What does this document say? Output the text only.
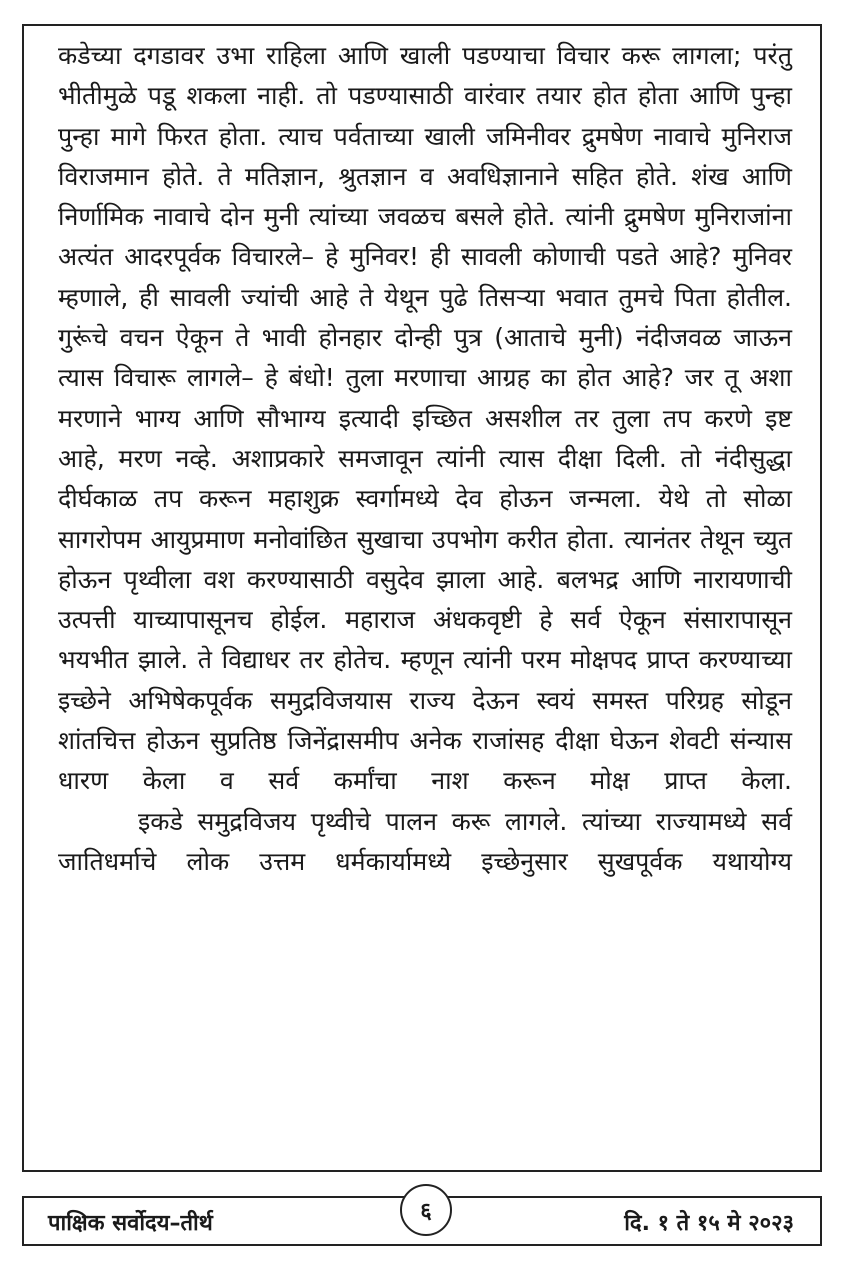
कडेच्या दगडावर उभा राहिला आणि खाली पडण्याचा विचार करू लागला; परंतु भीतीमुळे पडू शकला नाही. तो पडण्यासाठी वारंवार तयार होत होता आणि पुन्हा पुन्हा मागे फिरत होता. त्याच पर्वताच्या खाली जमिनीवर द्रुमषेण नावाचे मुनिराज विराजमान होते. ते मतिज्ञान, श्रुतज्ञान व अवधिज्ञानाने सहित होते. शंख आणि निर्णामिक नावाचे दोन मुनी त्यांच्या जवळच बसले होते. त्यांनी द्रुमषेण मुनिराजांना अत्यंत आदरपूर्वक विचारले– हे मुनिवर! ही सावली कोणाची पडते आहे? मुनिवर म्हणाले, ही सावली ज्यांची आहे ते येथून पुढे तिसऱ्या भवात तुमचे पिता होतील. गुरूंचे वचन ऐकून ते भावी होनहार दोन्ही पुत्र (आताचे मुनी) नंदीजवळ जाऊन त्यास विचारू लागले– हे बंधो! तुला मरणाचा आग्रह का होत आहे? जर तू अशा मरणाने भाग्य आणि सौभाग्य इत्यादी इच्छित असशील तर तुला तप करणे इष्ट आहे, मरण नव्हे. अशाप्रकारे समजावून त्यांनी त्यास दीक्षा दिली. तो नंदीसुद्धा दीर्घकाळ तप करून महाशुक्र स्वर्गामध्ये देव होऊन जन्मला. येथे तो सोळा सागरोपम आयुप्रमाण मनोवांछित सुखाचा उपभोग करीत होता. त्यानंतर तेथून च्युत होऊन पृथ्वीला वश करण्यासाठी वसुदेव झाला आहे. बलभद्र आणि नारायणाची उत्पत्ती याच्यापासूनच होईल. महाराज अंधकवृष्टी हे सर्व ऐकून संसारापासून भयभीत झाले. ते विद्याधर तर होतेच. म्हणून त्यांनी परम मोक्षपद प्राप्त करण्याच्या इच्छेने अभिषेकपूर्वक समुद्रविजयास राज्य देऊन स्वयं समस्त परिग्रह सोडून शांतचित्त होऊन सुप्रतिष्ठ जिनेंद्रासमीप अनेक राजांसह दीक्षा घेऊन शेवटी संन्यास धारण केला व सर्व कर्मांचा नाश करून मोक्ष प्राप्त केला.

इकडे समुद्रविजय पृथ्वीचे पालन करू लागले. त्यांच्या राज्यामध्ये सर्व जातिधर्माचे लोक उत्तम धर्मकार्यामध्ये इच्छेनुसार सुखपूर्वक यथायोग्य

पाक्षिक सर्वोदय–तीर्थ	६	दि. १ ते १५ मे २०२३
